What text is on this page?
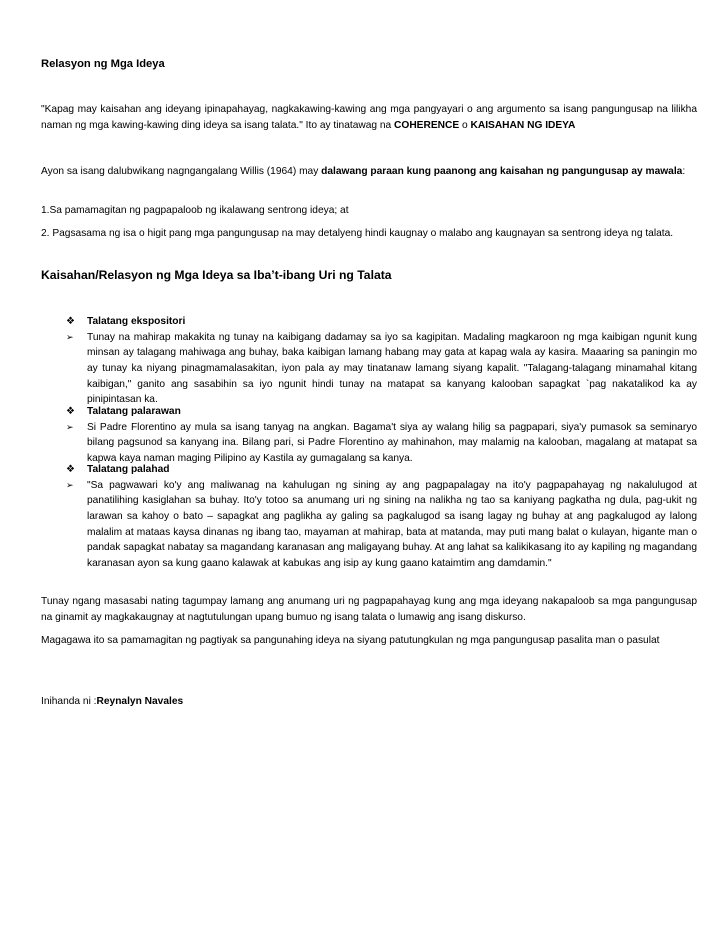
Relasyon ng Mga Ideya

"Kapag may kaisahan ang ideyang ipinapahayag, nagkakawing-kawing ang mga pangyayari o ang argumento sa isang pangungusap na lilikha naman ng mga kawing-kawing ding ideya sa isang talata." Ito ay tinatawag na COHERENCE o KAISAHAN NG IDEYA

Ayon sa isang dalubwikang nagngangalang Willis (1964) may dalawang paraan kung paanong ang kaisahan ng pangungusap ay mawala:

1.Sa pamamagitan ng pagpapaloob ng ikalawang sentrong ideya; at

2. Pagsasama ng isa o higit pang mga pangungusap na may detalyeng hindi kaugnay o malabo ang kaugnayan sa sentrong ideya ng talata.

Kaisahan/Relasyon ng Mga Ideya sa Iba’t-ibang Uri ng Talata

❖	Talatang ekspositori
➢	Tunay na mahirap makakita ng tunay na kaibigang dadamay sa iyo sa kagipitan. Madaling magkaroon ng mga kaibigan ngunit kung minsan ay talagang mahiwaga ang buhay, baka kaibigan lamang habang may gata at kapag wala ay kasira. Maaaring sa paningin mo ay tunay ka niyang pinagmamalasakitan, iyon pala ay may tinatanaw lamang siyang kapalit. "Talagang-talagang minamahal kitang kaibigan," ganito ang sasabihin sa iyo ngunit hindi tunay na matapat sa kanyang kalooban sapagkat `pag nakatalikod ka ay pinipintasan ka.
❖	Talatang palarawan
➢	Si Padre Florentino ay mula sa isang tanyag na angkan. Bagama't siya ay walang hilig sa pagpapari, siya'y pumasok sa seminaryo bilang pagsunod sa kanyang ina. Bilang pari, si Padre Florentino ay mahinahon, may malamig na kalooban, magalang at matapat sa kapwa kaya naman maging Pilipino ay Kastila ay gumagalang sa kanya.
❖	Talatang palahad
➢	"Sa pagwawari ko'y ang maliwanag na kahulugan ng sining ay ang pagpapalagay na ito'y pagpapahayag ng nakalulugod at panatilihing kasiglahan sa buhay. Ito'y totoo sa anumang uri ng sining na nalikha ng tao sa kaniyang pagkatha ng dula, pag-ukit ng larawan sa kahoy o bato – sapagkat ang paglikha ay galing sa pagkalugod sa isang lagay ng buhay at ang pagkalugod ay lalong malalim at mataas kaysa dinanas ng ibang tao, mayaman at mahirap, bata at matanda, may puti mang balat o kulayan, higante man o pandak sapagkat nabatay sa magandang karanasan ang maligayang buhay. At ang lahat sa kalikikasang ito ay kapiling ng magandang karanasan ayon sa kung gaano kalawak at kabukas ang isip ay kung gaano kataimtim ang damdamin."

Tunay ngang masasabi nating tagumpay lamang ang anumang uri ng pagpapahayag kung ang mga ideyang nakapaloob sa mga pangungusap na ginamit ay magkakaugnay at nagtutulungan upang bumuo ng isang talata o lumawig ang isang diskurso.

Magagawa ito sa pamamagitan ng pagtiyak sa pangunahing ideya na siyang patutungkulan ng mga pangungusap pasalita man o pasulat

Inihanda ni :Reynalyn Navales
